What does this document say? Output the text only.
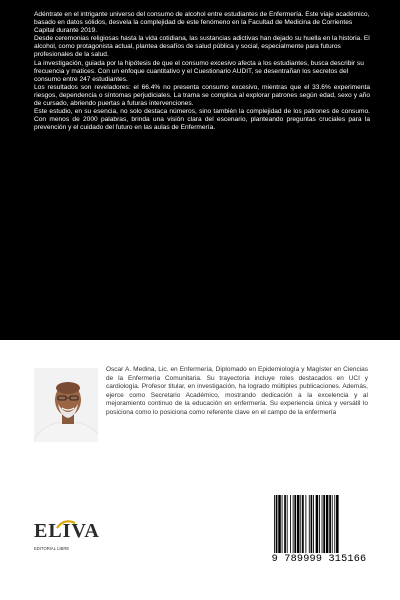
Adéntrate en el intrigante universo del consumo de alcohol entre estudiantes de Enfermería. Este viaje académico, basado en datos sólidos, desvela la complejidad de este fenómeno en la Facultad de Medicina de Corrientes Capital durante 2019.

Desde ceremonias religiosas hasta la vida cotidiana, las sustancias adictivas han dejado su huella en la historia. El alcohol, como protagonista actual, plantea desafíos de salud pública y social, especialmente para futuros profesionales de la salud.

La investigación, guiada por la hipótesis de que el consumo excesivo afecta a los estudiantes, busca describir su frecuencia y matices. Con un enfoque cuantitativo y el Cuestionario AUDIT, se desentrañan los secretos del consumo entre 247 estudiantes.

Los resultados son reveladores: el 66.4% no presenta consumo excesivo, mientras que el 33.6% experimenta riesgos, dependencia o síntomas perjudiciales. La trama se complica al explorar patrones según edad, sexo y año de cursado, abriendo puertas a futuras intervenciones.

Este estudio, en su esencia, no solo destaca números, sino también la complejidad de los patrones de consumo. Con menos de 2000 palabras, brinda una visión clara del escenario, planteando preguntas cruciales para la prevención y el cuidado del futuro en las aulas de Enfermería.

Oscar A. Medina, Lic. en Enfermería, Diplomado en Epidemiología y Magíster en Ciencias de la Enfermería Comunitaria. Su trayectoria incluye roles destacados en UCI y cardiología. Profesor titular, en investigación, ha logrado múltiples publicaciones. Además, ejerce como Secretario Académico, mostrando dedicación a la excelencia y al mejoramiento continuo de la educación en enfermería. Su experiencia única y versátil lo posiciona como lo posiciona como referente clave en el campo de la enfermería

ELIVA
EDITORIAL LIBRE
9 789999 315166
